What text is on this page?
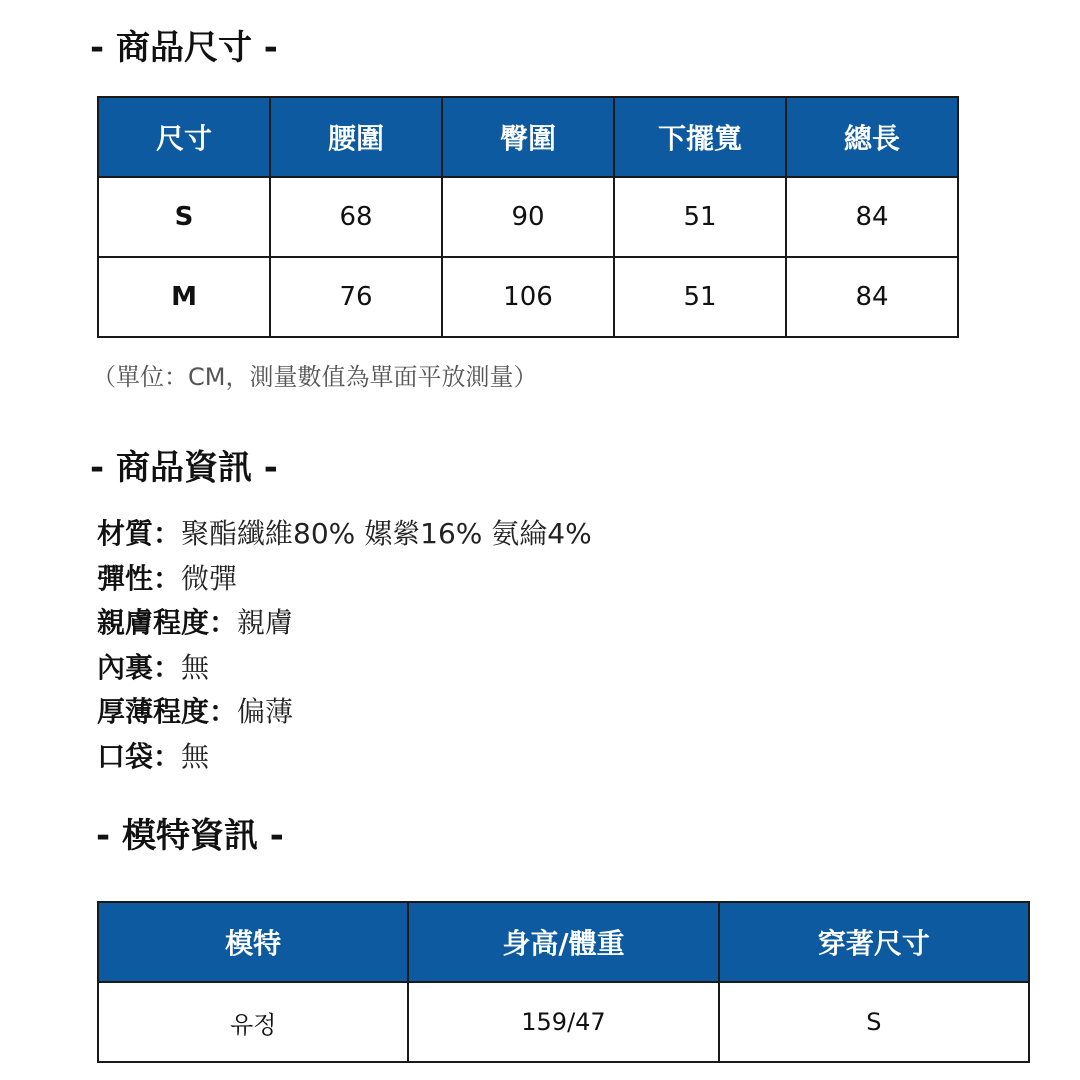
- 商品尺寸 -
尺寸	腰圍	臀圍	下擺寬	總長
S	68	90	51	84
M	76	106	51	84
（單位：CM，測量數值為單面平放測量）
- 商品資訊 -
材質：聚酯纖維80% 嫘縈16% 氨綸4%
彈性：微彈
親膚程度：親膚
內裏：無
厚薄程度：偏薄
口袋：無
- 模特資訊 -
模特	身高/體重	穿著尺寸
유정	159/47	S
